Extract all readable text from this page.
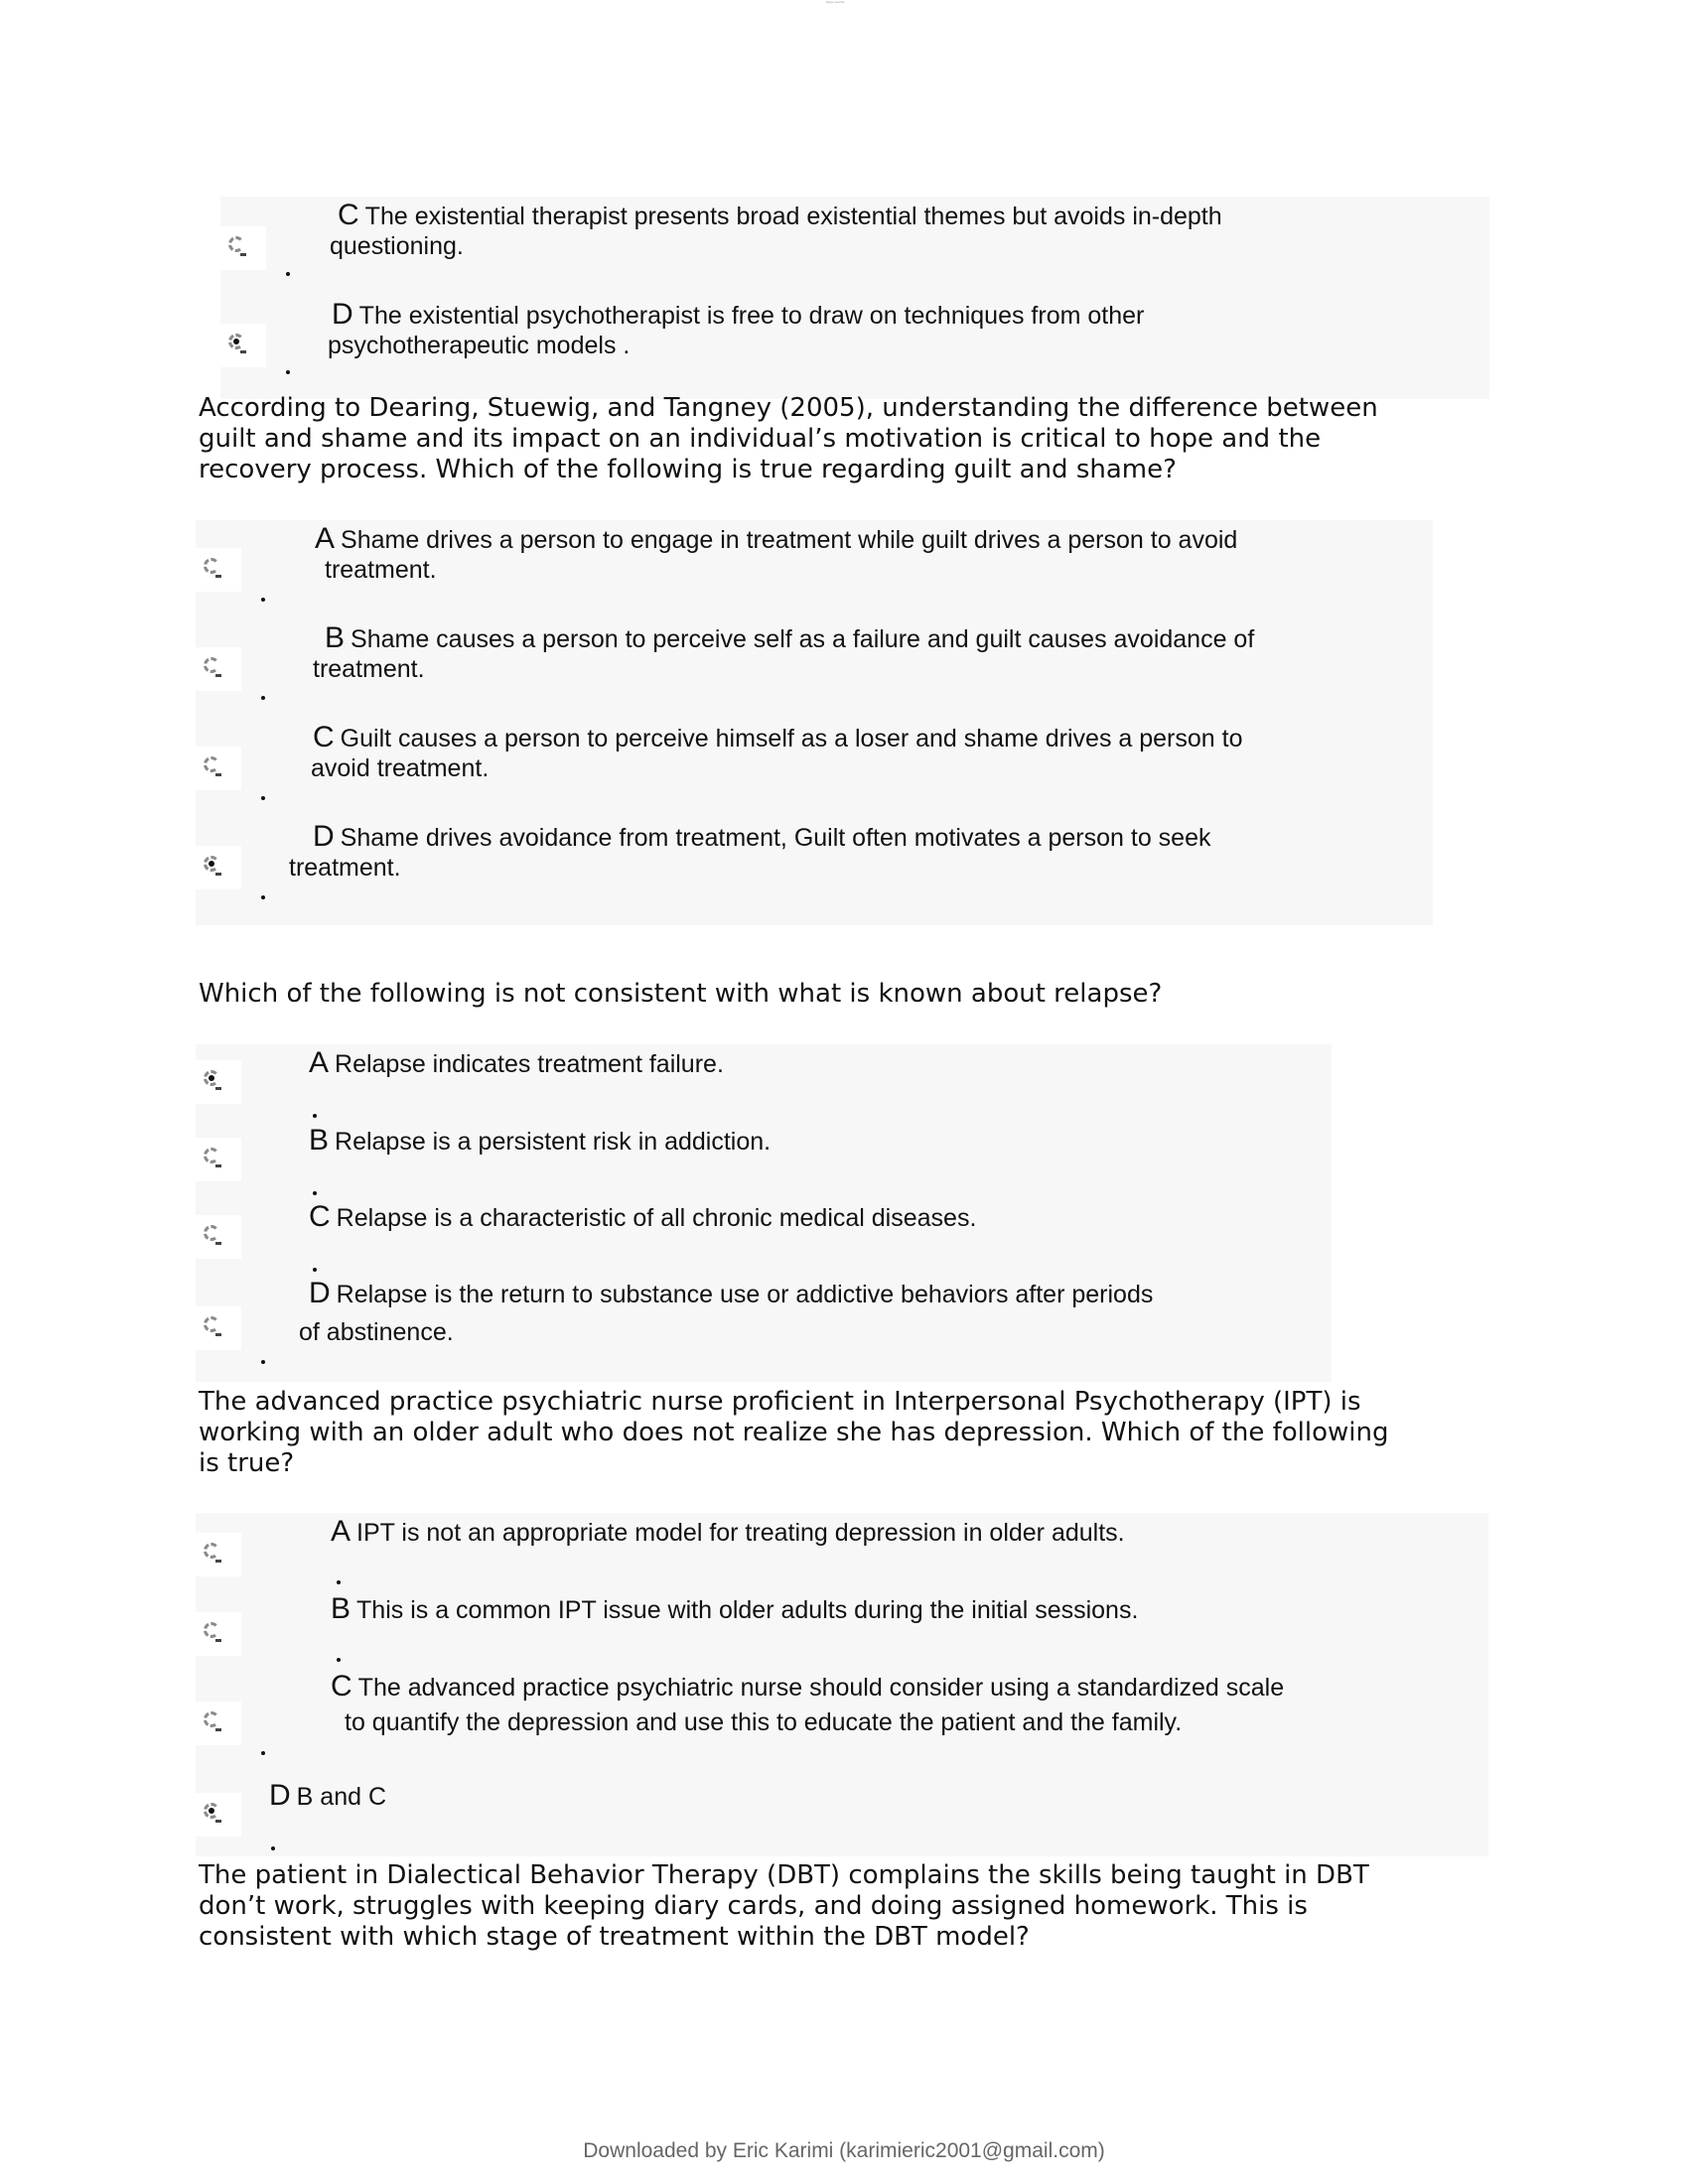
Page header
C The existential therapist presents broad existential themes but avoids in-depth
questioning.
D The existential psychotherapist is free to draw on techniques from other
psychotherapeutic models .
According to Dearing, Stuewig, and Tangney (2005), understanding the difference between
guilt and shame and its impact on an individual’s motivation is critical to hope and the
recovery process. Which of the following is true regarding guilt and shame?
A Shame drives a person to engage in treatment while guilt drives a person to avoid
treatment.
B Shame causes a person to perceive self as a failure and guilt causes avoidance of
treatment.
C Guilt causes a person to perceive himself as a loser and shame drives a person to
avoid treatment.
D Shame drives avoidance from treatment, Guilt often motivates a person to seek
treatment.
Which of the following is not consistent with what is known about relapse?
A Relapse indicates treatment failure.
B Relapse is a persistent risk in addiction.
C Relapse is a characteristic of all chronic medical diseases.
D Relapse is the return to substance use or addictive behaviors after periods
of abstinence.
The advanced practice psychiatric nurse proficient in Interpersonal Psychotherapy (IPT) is
working with an older adult who does not realize she has depression. Which of the following
is true?
A IPT is not an appropriate model for treating depression in older adults.
B This is a common IPT issue with older adults during the initial sessions.
C The advanced practice psychiatric nurse should consider using a standardized scale
to quantify the depression and use this to educate the patient and the family.
D B and C
The patient in Dialectical Behavior Therapy (DBT) complains the skills being taught in DBT
don’t work, struggles with keeping diary cards, and doing assigned homework. This is
consistent with which stage of treatment within the DBT model?
Downloaded by Eric Karimi (karimieric2001@gmail.com)
